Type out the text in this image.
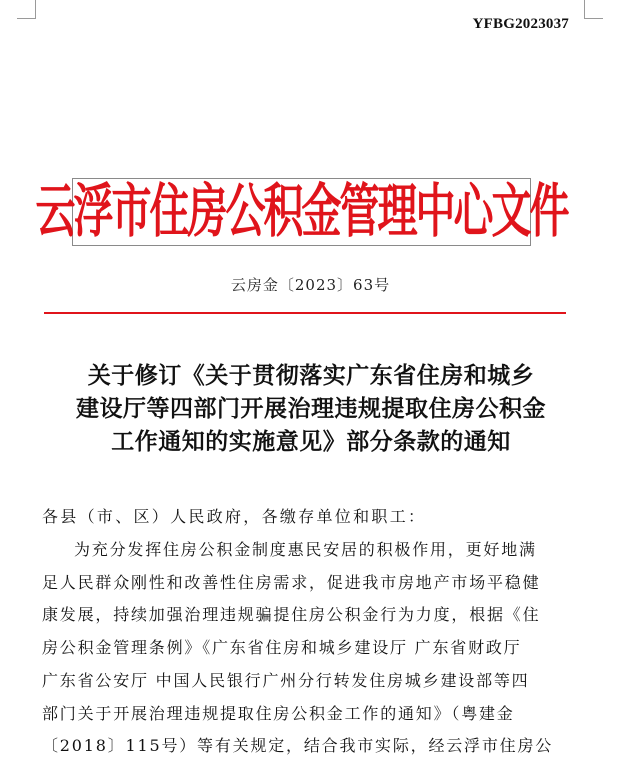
YFBG2023037
云浮市住房公积金管理中心文件
云房金〔2023〕63号
关于修订《关于贯彻落实广东省住房和城乡
建设厅等四部门开展治理违规提取住房公积金
工作通知的实施意见》部分条款的通知
各县（市、区）人民政府，各缴存单位和职工：
为充分发挥住房公积金制度惠民安居的积极作用，更好地满
足人民群众刚性和改善性住房需求，促进我市房地产市场平稳健
康发展，持续加强治理违规骗提住房公积金行为力度，根据《住
房公积金管理条例》《广东省住房和城乡建设厅 广东省财政厅
广东省公安厅 中国人民银行广州分行转发住房城乡建设部等四
部门关于开展治理违规提取住房公积金工作的通知》（粤建金
〔2018〕115号）等有关规定，结合我市实际，经云浮市住房公
